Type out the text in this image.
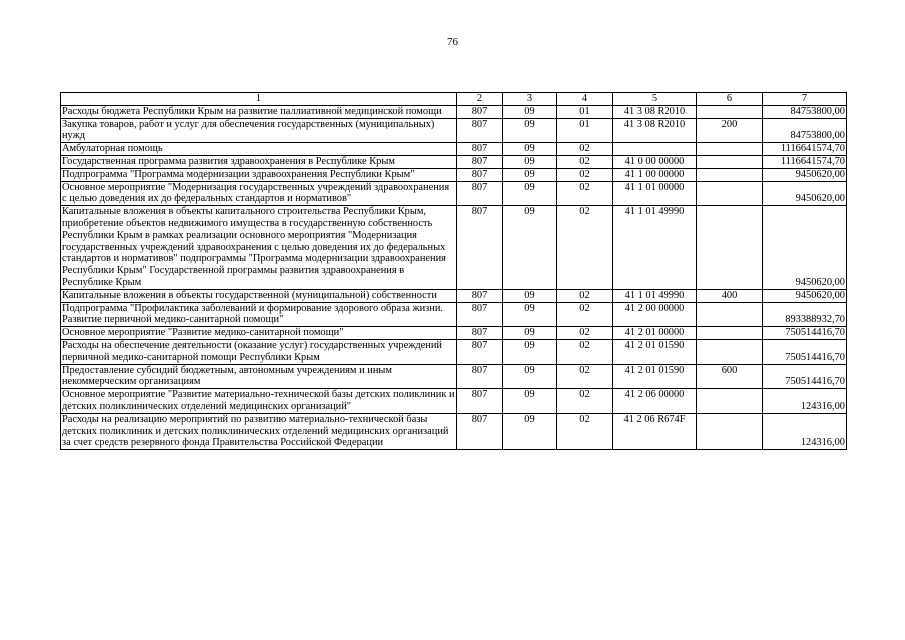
76
1	2	3	4	5	6	7
Расходы бюджета Республики Крым на развитие паллиативной медицинской помощи	807	09	01	41 3 08 R2010		84753800,00
Закупка товаров, работ и услуг для обеспечения государственных (муниципальных) нужд	807	09	01	41 3 08 R2010	200	84753800,00
Амбулаторная помощь	807	09	02			1116641574,70
Государственная программа развития здравоохранения в Республике Крым	807	09	02	41 0 00 00000		1116641574,70
Подпрограмма "Программа модернизации здравоохранения Республики Крым"	807	09	02	41 1 00 00000		9450620,00
Основное мероприятие "Модернизация государственных учреждений здравоохранения с целью доведения их до федеральных стандартов и нормативов"	807	09	02	41 1 01 00000		9450620,00
Капитальные вложения в объекты капитального строительства Республики Крым, приобретение объектов недвижимого имущества в государственную собственность Республики Крым в рамках реализации основного мероприятия "Модернизация государственных учреждений здравоохранения с целью доведения их до федеральных стандартов и нормативов" подпрограммы "Программа модернизации здравоохранения Республики Крым" Государственной программы развития здравоохранения в Республике Крым	807	09	02	41 1 01 49990		9450620,00
Капитальные вложения в объекты государственной (муниципальной) собственности	807	09	02	41 1 01 49990	400	9450620,00
Подпрограмма "Профилактика заболеваний и формирование здорового образа жизни. Развитие первичной медико-санитарной помощи"	807	09	02	41 2 00 00000		893388932,70
Основное мероприятие "Развитие медико-санитарной помощи"	807	09	02	41 2 01 00000		750514416,70
Расходы на обеспечение деятельности (оказание услуг) государственных учреждений первичной медико-санитарной помощи Республики Крым	807	09	02	41 2 01 01590		750514416,70
Предоставление субсидий бюджетным, автономным учреждениям и иным некоммерческим организациям	807	09	02	41 2 01 01590	600	750514416,70
Основное мероприятие "Развитие материально-технической базы детских поликлиник и детских поликлинических отделений медицинских организаций"	807	09	02	41 2 06 00000		124316,00
Расходы на реализацию мероприятий по развитию материально-технической базы детских поликлиник и детских поликлинических отделений медицинских организаций за счет средств резервного фонда Правительства Российской Федерации	807	09	02	41 2 06 R674F		124316,00
